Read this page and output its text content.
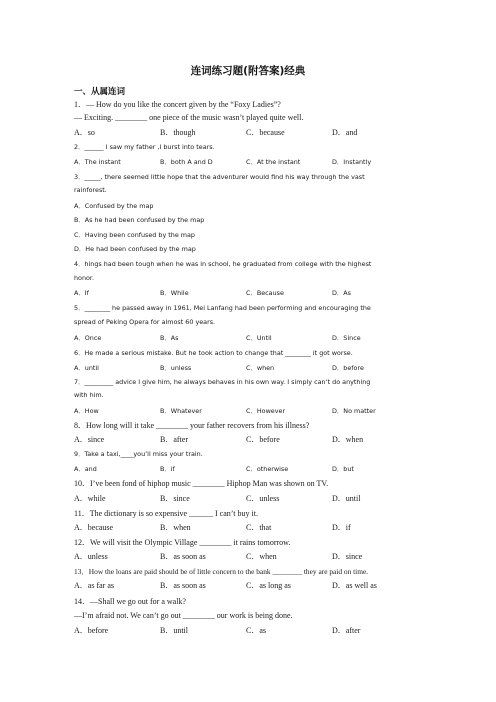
连词练习题(附答案)经典
一、从属连词
1．— How do you like the concert given by the “Foxy Ladies”?
— Exciting. ________ one piece of the music wasn’t played quite well.
A．so	B．though	C．because	D．and
2．______ I saw my father ,I burst into tears.
A．The instant	B．both A and D	C．At the instant	D．Instantly
3．_____, there seemed little hope that the adventurer would find his way through the vast
rainforest.
A．Confused by the map
B．As he had been confused by the map
C．Having been confused by the map
D．He had been confused by the map
4．hings had been tough when he was in school, he graduated from college with the highest
honor.
A．If	B．While	C．Because	D．As
5．________ he passed away in 1961, Mei Lanfang had been performing and encouraging the
spread of Peking Opera for almost 60 years.
A．Once	B．As	C．Until	D．Since
6．He made a serious mistake. But he took action to change that ________ it got worse.
A．until	B．unless	C．when	D．before
7．_________ advice I give him, he always behaves in his own way. I simply can’t do anything
with him.
A．How	B．Whatever	C．However	D．No matter
8．How long will it take ________ your father recovers from his illness?
A．since	B．after	C．before	D．when
9．Take a taxi,____you’ll miss your train.
A．and	B．if	C．otherwise	D．but
10．I’ve been fond of hiphop music ________ Hiphop Man was shown on TV.
A．while	B．since	C．unless	D．until
11．The dictionary is so expensive ______ I can’t buy it.
A．because	B．when	C．that	D．if
12．We will visit the Olympic Village ________ it rains tomorrow.
A．unless	B．as soon as	C．when	D．since
13．How the loans are paid should be of little concern to the bank ________ they are paid on time.
A．as far as	B．as soon as	C．as long as	D．as well as
14．—Shall we go out for a walk?
—I’m afraid not. We can’t go out ________ our work is being done.
A．before	B．until	C．as	D．after
